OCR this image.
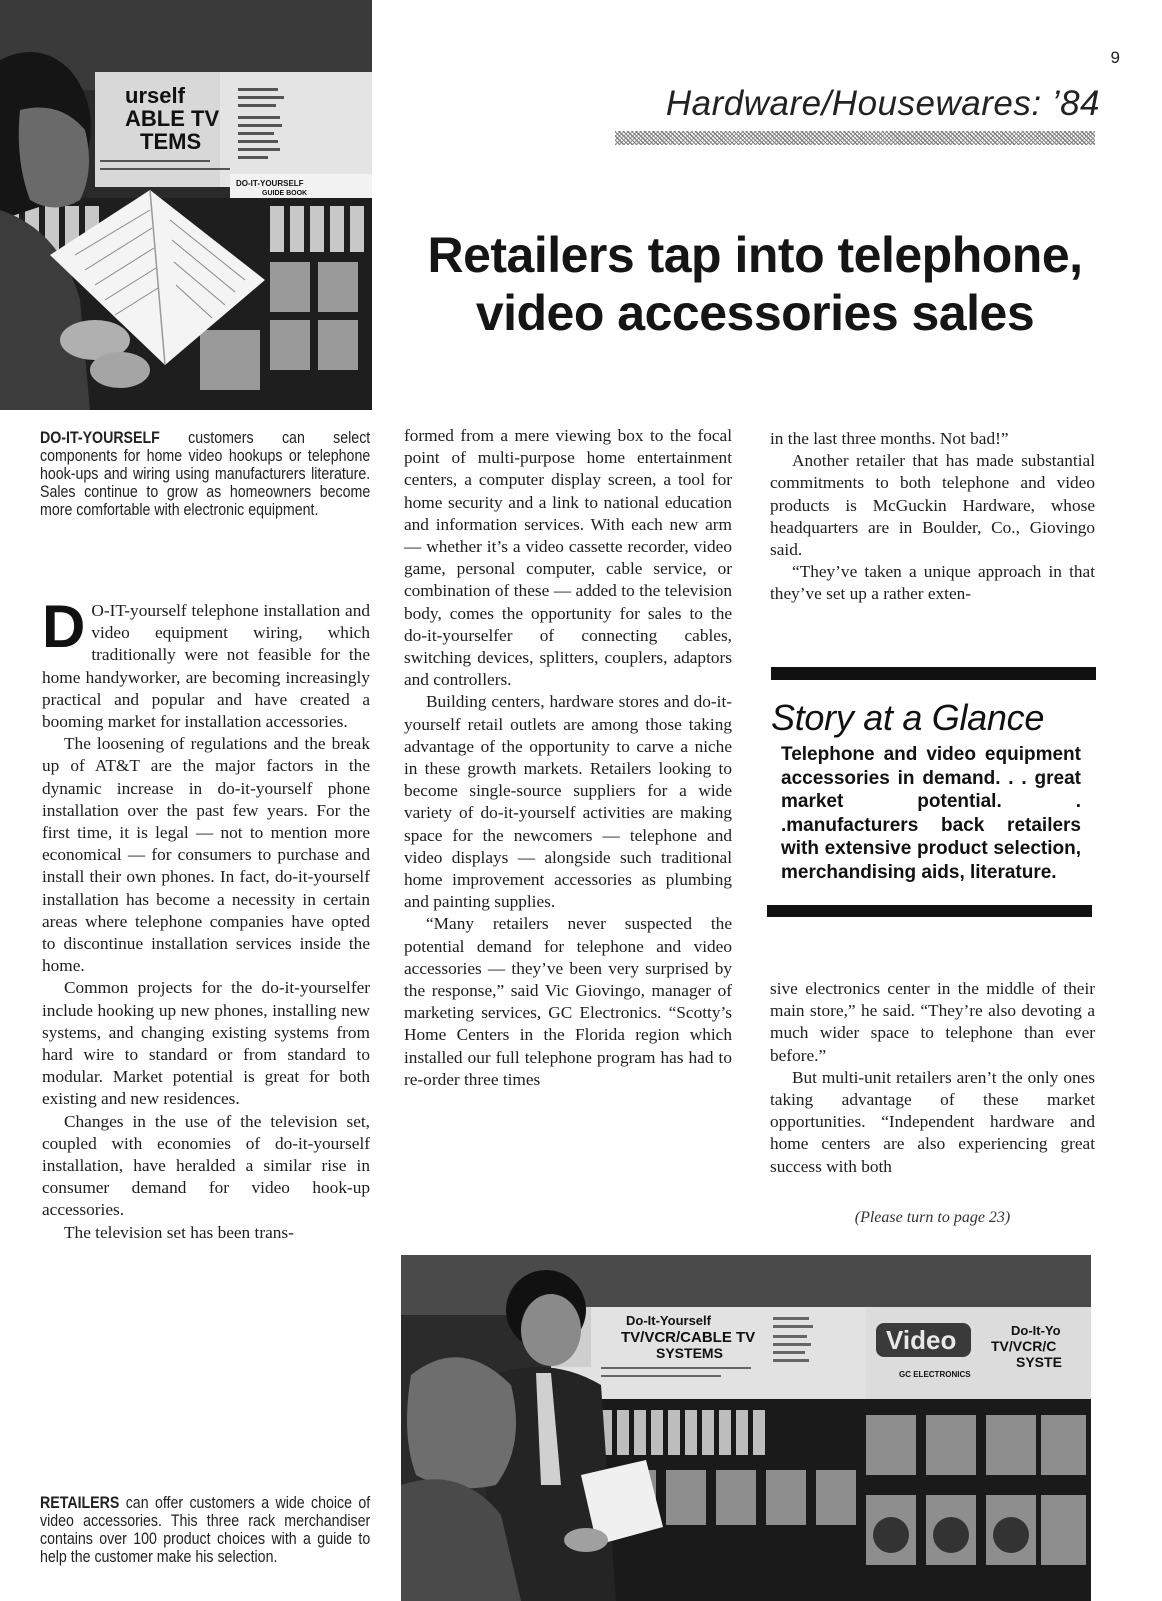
9
Hardware/Housewares: ’84
Retailers tap into telephone,
video accessories sales
urself
ABLE TV
TEMS
DO-IT-YOURSELF
GUIDE BOOK
DO-IT-YOURSELF customers can select components for home video hookups or telephone hook-ups and wiring using manufacturers literature. Sales continue to grow as homeowners become more comfortable with electronic equipment.

D O-IT-yourself telephone installation and video equipment wiring, which traditionally were not feasible for the home handyworker, are becoming increasingly practical and popular and have created a booming market for installation accessories.

The loosening of regulations and the break up of AT&T are the major factors in the dynamic increase in do-it-yourself phone installation over the past few years. For the first time, it is legal — not to mention more economical — for consumers to purchase and install their own phones. In fact, do-it-yourself installation has become a necessity in certain areas where telephone companies have opted to discontinue installation services inside the home.

Common projects for the do-it-yourselfer include hooking up new phones, installing new systems, and changing existing systems from hard wire to standard or from standard to modular. Market potential is great for both existing and new residences.

Changes in the use of the television set, coupled with economies of do-it-yourself installation, have heralded a similar rise in consumer demand for video hook-up accessories.

The television set has been trans-

formed from a mere viewing box to the focal point of multi-purpose home entertainment centers, a computer display screen, a tool for home security and a link to national education and information services. With each new arm — whether it’s a video cassette recorder, video game, personal computer, cable service, or combination of these — added to the television body, comes the opportunity for sales to the do-it-yourselfer of connecting cables, switching devices, splitters, couplers, adaptors and controllers.

Building centers, hardware stores and do-it-yourself retail outlets are among those taking advantage of the opportunity to carve a niche in these growth markets. Retailers looking to become single-source suppliers for a wide variety of do-it-yourself activities are making space for the newcomers — telephone and video displays — alongside such traditional home improvement accessories as plumbing and painting supplies.

“Many retailers never suspected the potential demand for telephone and video accessories — they’ve been very surprised by the response,” said Vic Giovingo, manager of marketing services, GC Electronics. “Scotty’s Home Centers in the Florida region which installed our full telephone program has had to re-order three times

in the last three months. Not bad!”

Another retailer that has made substantial commitments to both telephone and video products is McGuckin Hardware, whose headquarters are in Boulder, Co., Giovingo said.

“They’ve taken a unique approach in that they’ve set up a rather exten-

Story at a Glance
Telephone and video equipment accessories in demand. . . great market potential. . .manufacturers back retailers with extensive product selection, merchandising aids, literature.

sive electronics center in the middle of their main store,” he said. “They’re also devoting a much wider space to telephone than ever before.”

But multi-unit retailers aren’t the only ones taking advantage of these market opportunities. “Independent hardware and home centers are also experiencing great success with both

(Please turn to page 23)
Do-It-Yourself
TV/VCR/CABLE TV
SYSTEMS	Video
GC ELECTRONICS
Do-It-Yo
TV/VCR/C
SYSTE
RETAILERS can offer customers a wide choice of video accessories. This three rack merchandiser contains over 100 product choices with a guide to help the customer make his selection.
